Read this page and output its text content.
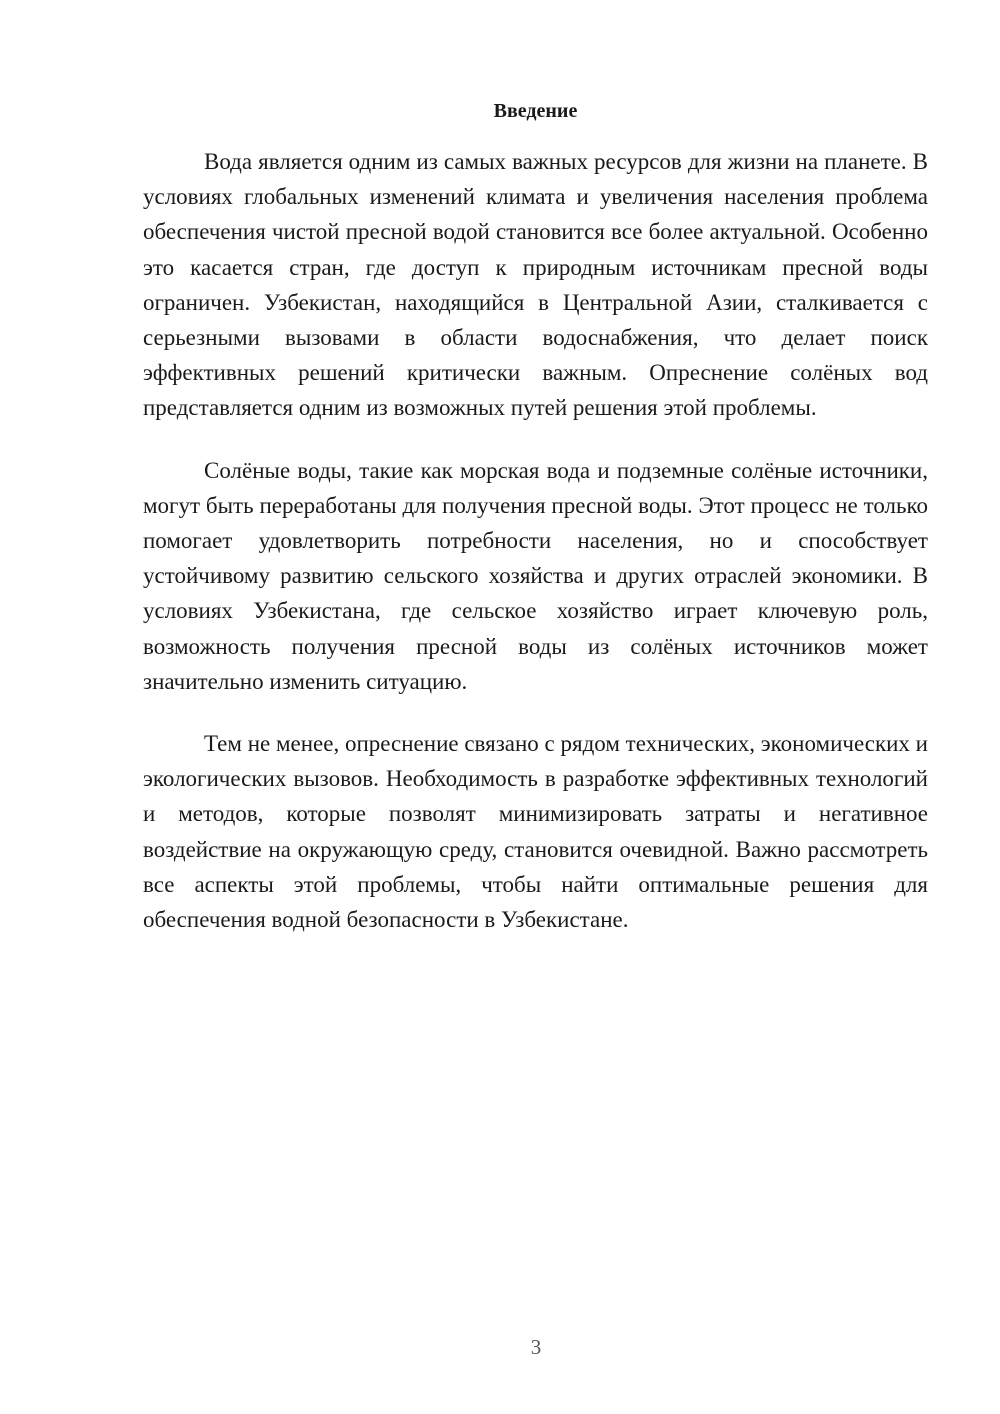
Введение

Вода является одним из самых важных ресурсов для жизни на планете. В условиях глобальных изменений климата и увеличения населения проблема обеспечения чистой пресной водой становится все более актуальной. Особенно это касается стран, где доступ к природным источникам пресной воды ограничен. Узбекистан, находящийся в Центральной Азии, сталкивается с серьезными вызовами в области водоснабжения, что делает поиск эффективных решений критически важным. Опреснение солёных вод представляется одним из возможных путей решения этой проблемы.

Солёные воды, такие как морская вода и подземные солёные источники, могут быть переработаны для получения пресной воды. Этот процесс не только помогает удовлетворить потребности населения, но и способствует устойчивому развитию сельского хозяйства и других отраслей экономики. В условиях Узбекистана, где сельское хозяйство играет ключевую роль, возможность получения пресной воды из солёных источников может значительно изменить ситуацию.

Тем не менее, опреснение связано с рядом технических, экономических и экологических вызовов. Необходимость в разработке эффективных технологий и методов, которые позволят минимизировать затраты и негативное воздействие на окружающую среду, становится очевидной. Важно рассмотреть все аспекты этой проблемы, чтобы найти оптимальные решения для обеспечения водной безопасности в Узбекистане.

3
